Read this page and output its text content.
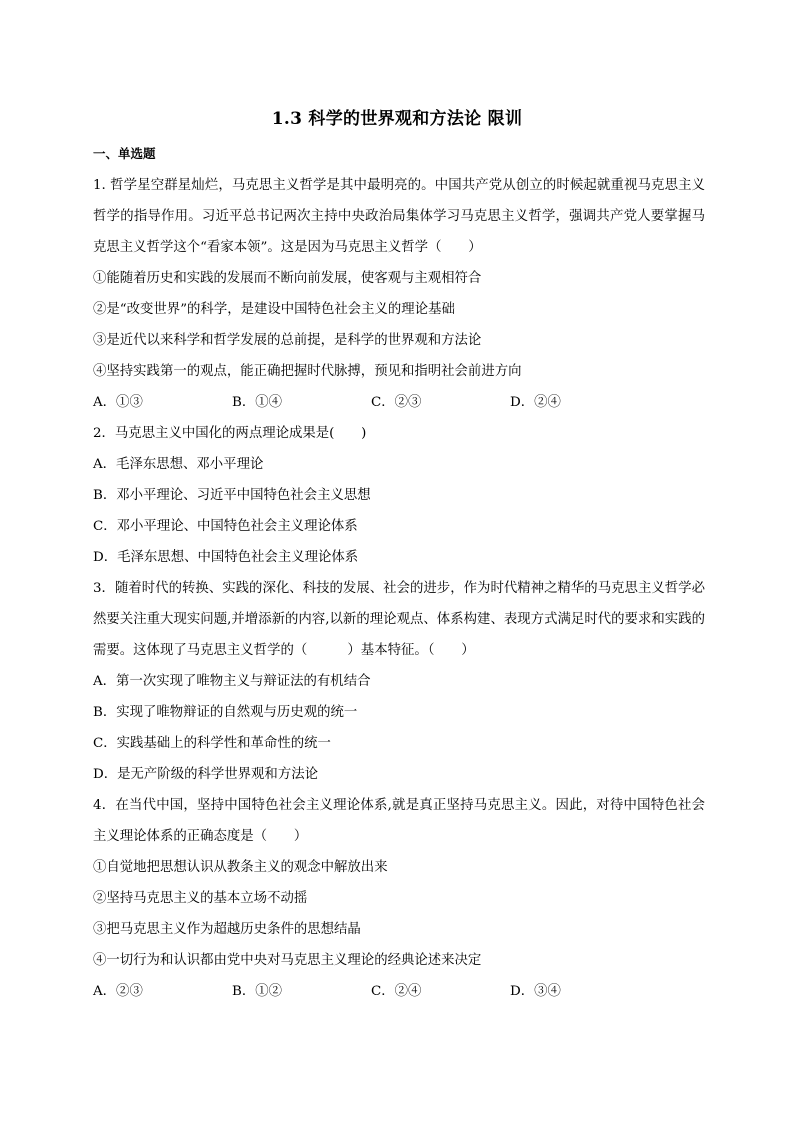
1.3 科学的世界观和方法论 限训
一、单选题

1. 哲学星空群星灿烂，马克思主义哲学是其中最明亮的。中国共产党从创立的时候起就重视马克思主义哲学的指导作用。习近平总书记两次主持中央政治局集体学习马克思主义哲学，强调共产党人要掌握马克思主义哲学这个“看家本领”。这是因为马克思主义哲学（　　）

①能随着历史和实践的发展而不断向前发展，使客观与主观相符合

②是“改变世界”的科学，是建设中国特色社会主义的理论基础

③是近代以来科学和哲学发展的总前提，是科学的世界观和方法论

④坚持实践第一的观点，能正确把握时代脉搏，预见和指明社会前进方向

A．①③	B．①④	C．②③	D．②④

2．马克思主义中国化的两点理论成果是(　　)

A．毛泽东思想、邓小平理论

B．邓小平理论、习近平中国特色社会主义思想

C．邓小平理论、中国特色社会主义理论体系

D．毛泽东思想、中国特色社会主义理论体系

3．随着时代的转换、实践的深化、科技的发展、社会的进步，作为时代精神之精华的马克思主义哲学必然要关注重大现实问题,并增添新的内容,以新的理论观点、体系构建、表现方式满足时代的要求和实践的需要。这体现了马克思主义哲学的（　　　）基本特征。（　　）

A．第一次实现了唯物主义与辩证法的有机结合

B．实现了唯物辩证的自然观与历史观的统一

C．实践基础上的科学性和革命性的统一

D．是无产阶级的科学世界观和方法论

4．在当代中国，坚持中国特色社会主义理论体系,就是真正坚持马克思主义。因此，对待中国特色社会主义理论体系的正确态度是（　　）

①自觉地把思想认识从教条主义的观念中解放出来

②坚持马克思主义的基本立场不动摇

③把马克思主义作为超越历史条件的思想结晶

④一切行为和认识都由党中央对马克思主义理论的经典论述来决定

A．②③	B．①②	C．②④	D．③④
